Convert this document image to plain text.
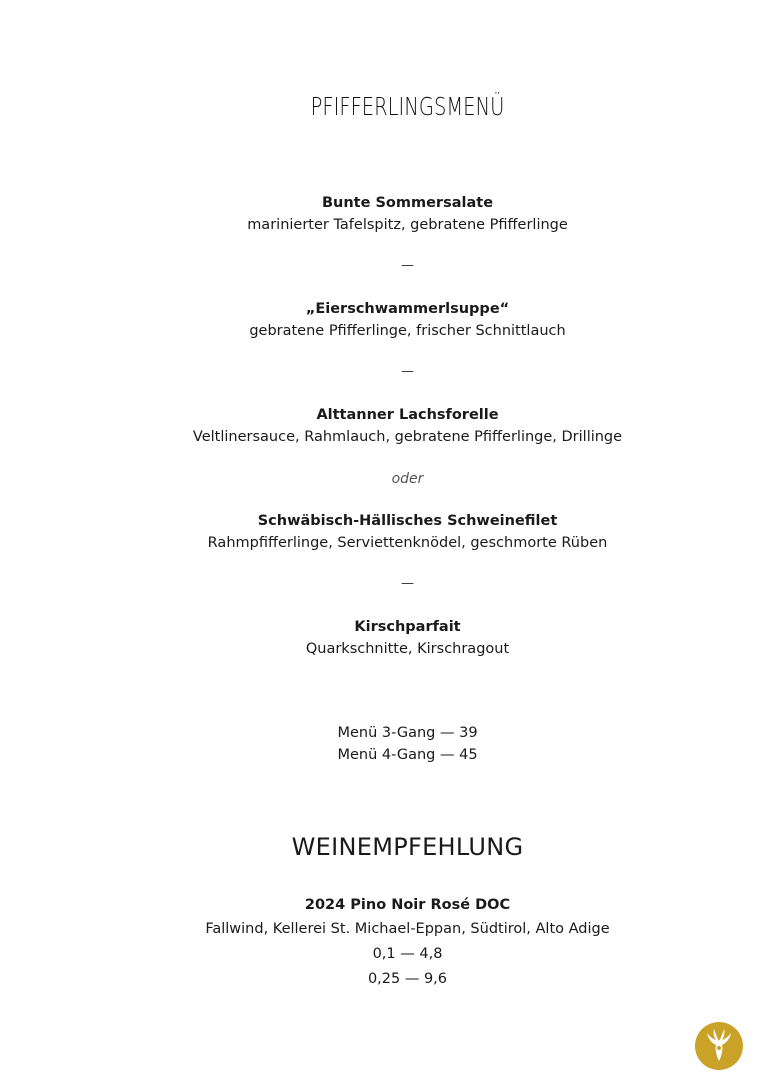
PFIFFERLINGSMENÜ
Bunte Sommersalate
marinierter Tafelspitz, gebratene Pfifferlinge
—
„Eierschwammerlsuppe“
gebratene Pfifferlinge, frischer Schnittlauch
—
Alttanner Lachsforelle
Veltlinersauce, Rahmlauch, gebratene Pfifferlinge, Drillinge
oder
Schwäbisch-Hällisches Schweinefilet
Rahmpfifferlinge, Serviettenknödel, geschmorte Rüben
—
Kirschparfait
Quarkschnitte, Kirschragout
Menü 3-Gang — 39
Menü 4-Gang — 45
WEINEMPFEHLUNG
2024 Pino Noir Rosé DOC
Fallwind, Kellerei St. Michael-Eppan, Südtirol, Alto Adige
0,1 — 4,8
0,25 — 9,6
